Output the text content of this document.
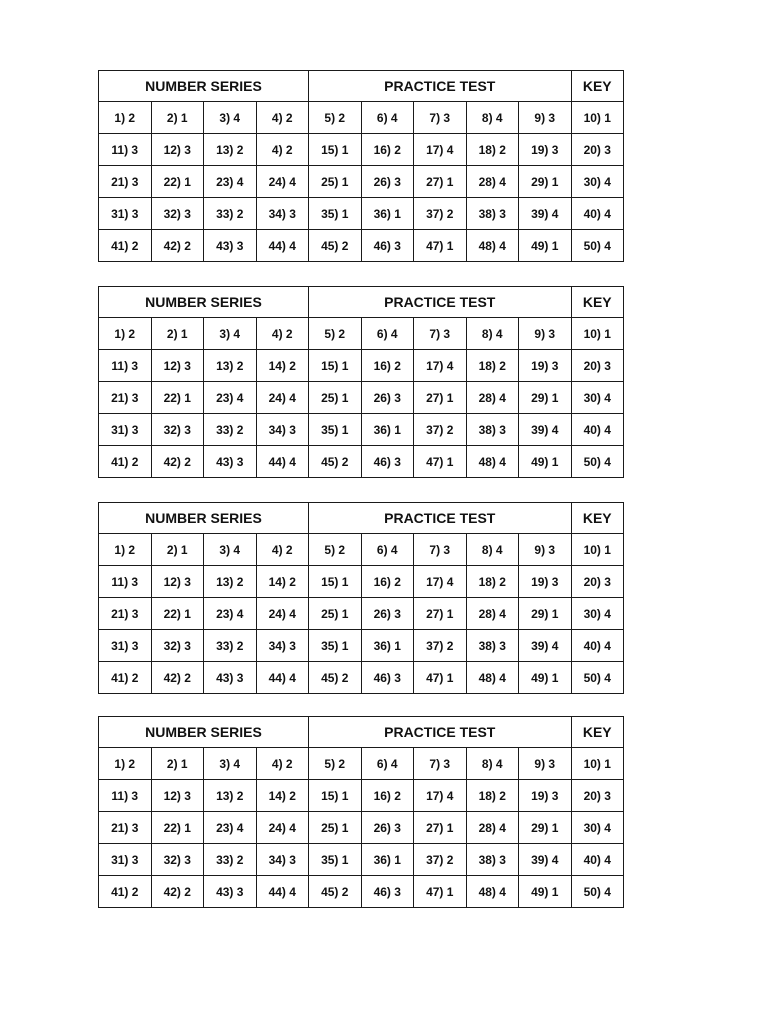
NUMBER SERIES				PRACTICE TEST					KEY
1) 2	2) 1	3) 4	4) 2	5) 2	6) 4	7) 3	8) 4	9) 3	10) 1
11) 3	12) 3	13) 2	4) 2	15) 1	16) 2	17) 4	18) 2	19) 3	20) 3
21) 3	22) 1	23) 4	24) 4	25) 1	26) 3	27) 1	28) 4	29) 1	30) 4
31) 3	32) 3	33) 2	34) 3	35) 1	36) 1	37) 2	38) 3	39) 4	40) 4
41) 2	42) 2	43) 3	44) 4	45) 2	46) 3	47) 1	48) 4	49) 1	50) 4
NUMBER SERIES				PRACTICE TEST					KEY
1) 2	2) 1	3) 4	4) 2	5) 2	6) 4	7) 3	8) 4	9) 3	10) 1
11) 3	12) 3	13) 2	14) 2	15) 1	16) 2	17) 4	18) 2	19) 3	20) 3
21) 3	22) 1	23) 4	24) 4	25) 1	26) 3	27) 1	28) 4	29) 1	30) 4
31) 3	32) 3	33) 2	34) 3	35) 1	36) 1	37) 2	38) 3	39) 4	40) 4
41) 2	42) 2	43) 3	44) 4	45) 2	46) 3	47) 1	48) 4	49) 1	50) 4
NUMBER SERIES				PRACTICE TEST					KEY
1) 2	2) 1	3) 4	4) 2	5) 2	6) 4	7) 3	8) 4	9) 3	10) 1
11) 3	12) 3	13) 2	14) 2	15) 1	16) 2	17) 4	18) 2	19) 3	20) 3
21) 3	22) 1	23) 4	24) 4	25) 1	26) 3	27) 1	28) 4	29) 1	30) 4
31) 3	32) 3	33) 2	34) 3	35) 1	36) 1	37) 2	38) 3	39) 4	40) 4
41) 2	42) 2	43) 3	44) 4	45) 2	46) 3	47) 1	48) 4	49) 1	50) 4
NUMBER SERIES				PRACTICE TEST					KEY
1) 2	2) 1	3) 4	4) 2	5) 2	6) 4	7) 3	8) 4	9) 3	10) 1
11) 3	12) 3	13) 2	14) 2	15) 1	16) 2	17) 4	18) 2	19) 3	20) 3
21) 3	22) 1	23) 4	24) 4	25) 1	26) 3	27) 1	28) 4	29) 1	30) 4
31) 3	32) 3	33) 2	34) 3	35) 1	36) 1	37) 2	38) 3	39) 4	40) 4
41) 2	42) 2	43) 3	44) 4	45) 2	46) 3	47) 1	48) 4	49) 1	50) 4
